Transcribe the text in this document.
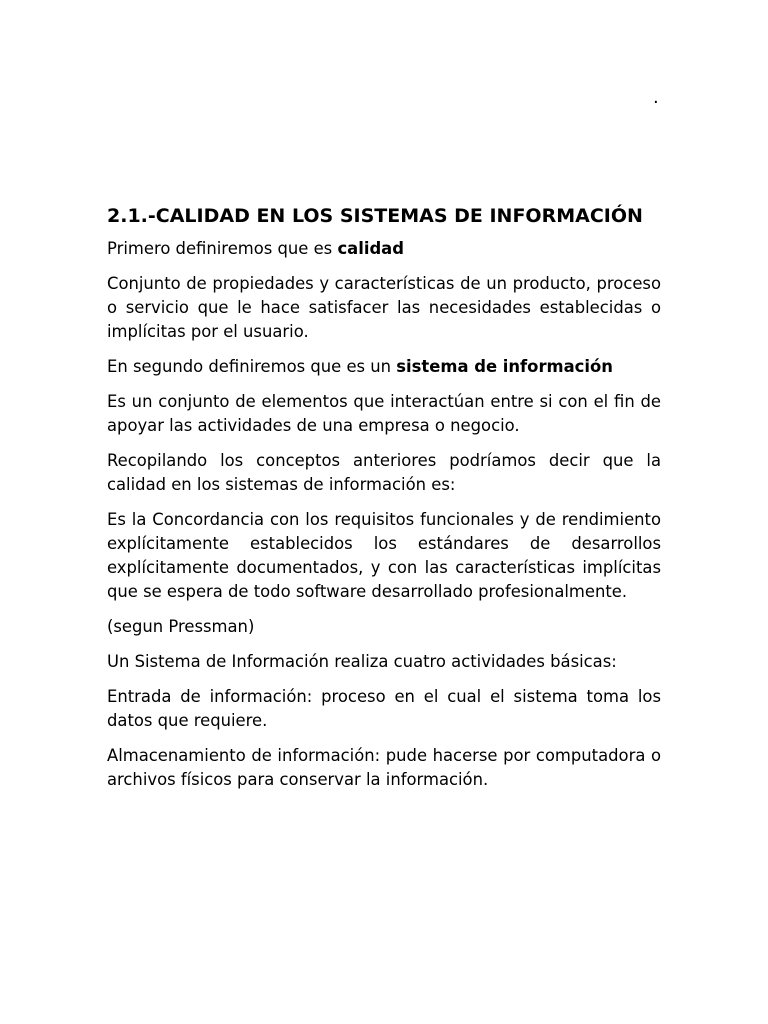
.
2.1.-CALIDAD EN LOS SISTEMAS DE INFORMACIÓN

Primero definiremos que es calidad

Conjunto de propiedades y características de un producto, proceso o servicio que le hace satisfacer las necesidades establecidas o implícitas por el usuario.

En segundo definiremos que es un sistema de información

Es un conjunto de elementos que interactúan entre si con el fin de apoyar las actividades de una empresa o negocio.

Recopilando los conceptos anteriores podríamos decir que la calidad en los sistemas de información es:

Es la Concordancia con los requisitos funcionales y de rendimiento explícitamente establecidos los estándares de desarrollos explícitamente documentados, y con las características implícitas que se espera de todo software desarrollado profesionalmente.

(segun Pressman)

Un Sistema de Información realiza cuatro actividades básicas:

Entrada de información: proceso en el cual el sistema toma los datos que requiere.

Almacenamiento de información: pude hacerse por computadora o archivos físicos para conservar la información.
